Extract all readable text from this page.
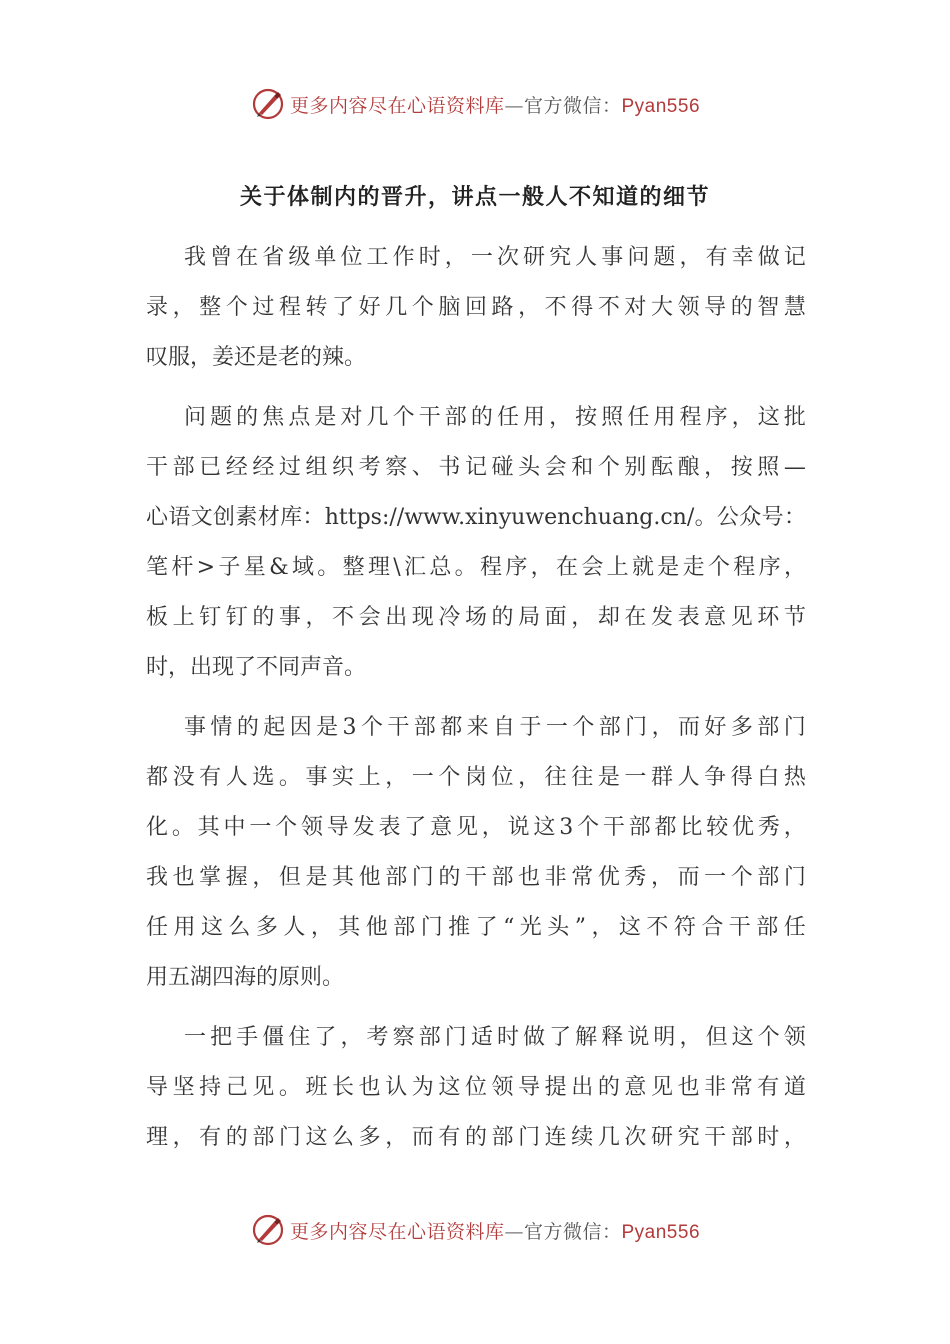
更多内容尽在心语资料库—官方微信：Pyan556
关于体制内的晋升，讲点一般人不知道的细节
我 曾 在 省 级 单 位 工 作 时 ， 一 次 研 究 人 事 问 题 ， 有 幸 做 记
录 ， 整 个 过 程 转 了 好 几 个 脑 回 路 ， 不 得 不 对 大 领 导 的 智 慧
叹服，姜还是老的辣。
问 题 的 焦 点 是 对 几 个 干 部 的 任 用 ， 按 照 任 用 程 序 ， 这 批
干 部 已 经 经 过 组 织 考 察 、 书 记 碰 头 会 和 个 别 酝 酿 ， 按 照 —
心 语 文 创 素 材 库 ： https://www.xinyuwenchuang.cn/ 。 公 众 号 ：
笔 杆 > 子 星 & 域 。 整 理 \ 汇 总 。 程 序 ， 在 会 上 就 是 走 个 程 序 ，
板 上 钉 钉 的 事 ， 不 会 出 现 冷 场 的 局 面 ， 却 在 发 表 意 见 环 节
时，出现了不同声音。
事 情 的 起 因 是 3 个 干 部 都 来 自 于 一 个 部 门 ， 而 好 多 部 门
都 没 有 人 选 。 事 实 上 ， 一 个 岗 位 ， 往 往 是 一 群 人 争 得 白 热
化 。 其 中 一 个 领 导 发 表 了 意 见 ， 说 这 3 个 干 部 都 比 较 优 秀 ，
我 也 掌 握 ， 但 是 其 他 部 门 的 干 部 也 非 常 优 秀 ， 而 一 个 部 门
任 用 这 么 多 人 ， 其 他 部 门 推 了 “ 光 头 ” ， 这 不 符 合 干 部 任
用五湖四海的原则。
一 把 手 僵 住 了 ， 考 察 部 门 适 时 做 了 解 释 说 明 ， 但 这 个 领
导 坚 持 己 见 。 班 长 也 认 为 这 位 领 导 提 出 的 意 见 也 非 常 有 道
理 ， 有 的 部 门 这 么 多 ， 而 有 的 部 门 连 续 几 次 研 究 干 部 时 ，
更多内容尽在心语资料库—官方微信：Pyan556
